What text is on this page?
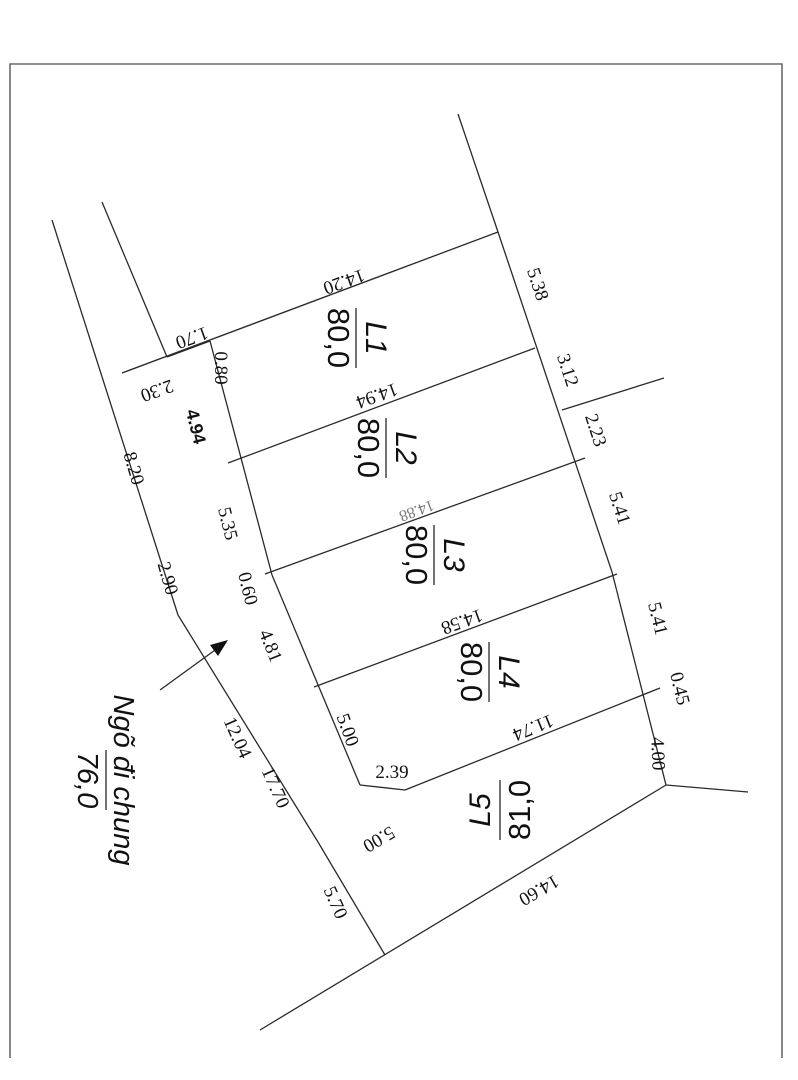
L1
80,0
L2
80,0
L3
80,0
L4
80,0
L5 81,0
Ngõ đi chung
76,0
14.20	5.38
3.12
2.23
5.41
5.41
0.45
4.00
14.60
14.94
14.88
14.58
11.74
1.70
0.80
2.30
4.94
8.20
5.35
2.90	0.60
4.81
12.04
17.70
5.00
2.39
5.00
5.70
